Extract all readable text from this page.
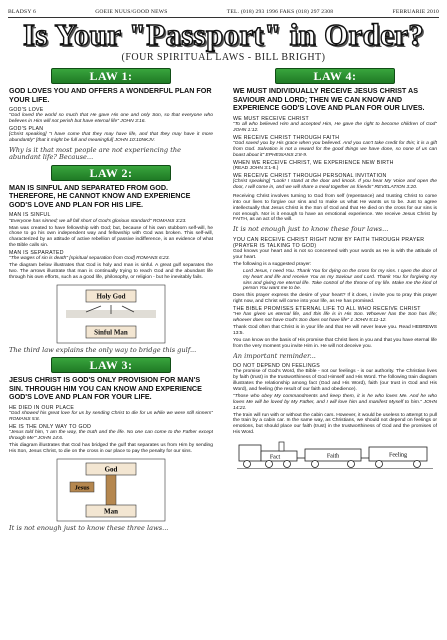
BLADSY 6	GOEIE NUUS/GOOD NEWS	TEL. (018) 293 1996 FAKS (018) 297 2308	FEBRUARIE 2010
Is Your "Passport" in Order?
(FOUR SPIRITUAL LAWS - BILL BRIGHT)
LAW 1:
GOD LOVES YOU AND OFFERS A WONDERFUL PLAN FOR YOUR LIFE.
GOD'S LOVE
"God loved the world so much that He gave His one and only Son, so that everyone who believes in Him will not perish but have eternal life" JOHN 3:16.
GOD'S PLAN
[Christ speaking] "I have come that they may have life, and that they may have it more abundantly" [that it might be full and meaningful] JOHN 10:10NKJV.
Why is it that most people are not experiencing the abundant life? Because...
LAW 2:
MAN IS SINFUL AND SEPARATED FROM GOD. THEREFORE, HE CANNOT KNOW AND EXPERIENCE GOD'S LOVE AND PLAN FOR HIS LIFE.
MAN IS SINFUL
"Everyone has sinned; we all fall short of God's glorious standard" ROMANS 3:23.
Man was created to have fellowship with God; but, because of his own stubborn self-will, he chose to go his own independent way and fellowship with God was broken. This self-will, characterized by an attitude of active rebellion of passive indifference, is an evidence of what the Bible calls sin.
MAN IS SEPARATED
"The wages of sin is death" [spiritual separation from God] ROMANS 6:23.
The diagram below illustrates that God is holy and man is sinful. A great gulf separates the two. The arrows illustrate that man is continually trying to reach God and the abundant life through his own efforts, such as a good life, philosophy, or religion - but he inevitably fails.
Holy God
Sinful Man
The third law explains the only way to bridge this gulf...
LAW 3:
JESUS CHRIST IS GOD'S ONLY PROVISION FOR MAN'S SIN. THROUGH HIM YOU CAN KNOW AND EXPERIENCE GOD'S LOVE AND PLAN FOR YOUR LIFE.
HE DIED IN OUR PLACE
"God showed his great love for us by sending Christ to die for us while we were still sinners" ROMANS 5:8.
HE IS THE ONLY WAY TO GOD
"Jesus told him, 'I am the way, the truth and the life. No one can come to the Father except through Me'" JOHN 14:6.
This diagram illustrates that God has bridged the gulf that separates us from Him by sending His Son, Jesus Christ, to die on the cross in our place to pay the penalty for our sins.
God
Jesus
Man
It is not enough just to know these three laws...
LAW 4:
WE MUST INDIVIDUALLY RECEIVE JESUS CHRIST AS SAVIOUR AND LORD; THEN WE CAN KNOW AND EXPERIENCE GOD'S LOVE AND PLAN FOR OUR LIVES.
WE MUST RECEIVE CHRIST
"To all who believed Him and accepted Him, He gave the right to become children of God" JOHN 1:12.
WE RECEIVE CHRIST THROUGH FAITH
"God saved you by His grace when you believed. And you can't take credit for this; it is a gift from God. Salvation is not a reward for the good things we have done, so none of us can boast about it" EPHESIANS 2:8-9.
WHEN WE RECEIVE CHRIST, WE EXPERIENCE NEW BIRTH
(READ JOHN 3:1-8.)
WE RECEIVE CHRIST THROUGH PERSONAL INVITATION
[Christ speaking] "Look! I stand at the door and knock. If you hear My Voice and open the door, I will come in, and we will share a meal together as friends" REVELATION 3:20.
Receiving Christ involves turning to God from self (repentance) and trusting Christ to come into our lives to forgive our sins and to make us what He wants us to be. Just to agree intellectually that Jesus Christ is the Son of God and that He died on the cross for our sins is not enough. Nor is it enough to have an emotional experience. We receive Jesus Christ by FAITH, as an act of the will.
It is not enough just to know these four laws...
YOU CAN RECEIVE CHRIST RIGHT NOW BY FAITH THROUGH PRAYER (PRAYER IS TALKING TO GOD)
God knows your heart and is not so concerned with your words as He is with the attitude of your heart.
The following is a suggested prayer:
Lord Jesus, I need You. Thank You for dying on the cross for my sins. I open the door of my heart and life and receive You as my Saviour and Lord. Thank You for forgiving my sins and giving me eternal life. Take control of the throne of my life. Make me the kind of person You want me to be.
Does this prayer express the desire of your heart? If it does, I invite you to pray this prayer right now, and Christ will come into your life, as He has promised.
THE BIBLE PROMISES ETERNAL LIFE TO ALL WHO RECEIVE CHRIST
"He has given us eternal life, and this life is in His Son. Whoever has the Son has life; whoever does not have God's Son does not have life" 1 JOHN 5:11-12.
Thank God often that Christ is in your life and that He will never leave you. Read HEBREWS 13:5.
You can know on the basis of His promise that Christ lives in you and that you have eternal life from the very moment you invite Him in. He will not deceive you.
An important reminder...
DO NOT DEPEND ON FEELINGS
The promise of God's Word, the Bible - not our feelings - is our authority. The Christian lives by faith (trust) in the trustworthiness of God Himself and His Word. The following train diagram illustrates the relationship among fact (God and His Word), faith (our trust in God and His Word), and feeling (the result of our faith and obedience).
"Those who obey My commandments and keep them, it is he who loves Me. And he who loves Me will be loved by My Father, and I will love him and manifest Myself to him." JOHN 14:21.
The train will run with or without the cabin cars. However, it would be useless to attempt to pull the train by a cabin car. In the same way, as Christians, we should not depend on feelings or emotions, but should place our faith (trust) in the trustworthiness of God and the promises of His Word.
Fact	Faith	Feeling
